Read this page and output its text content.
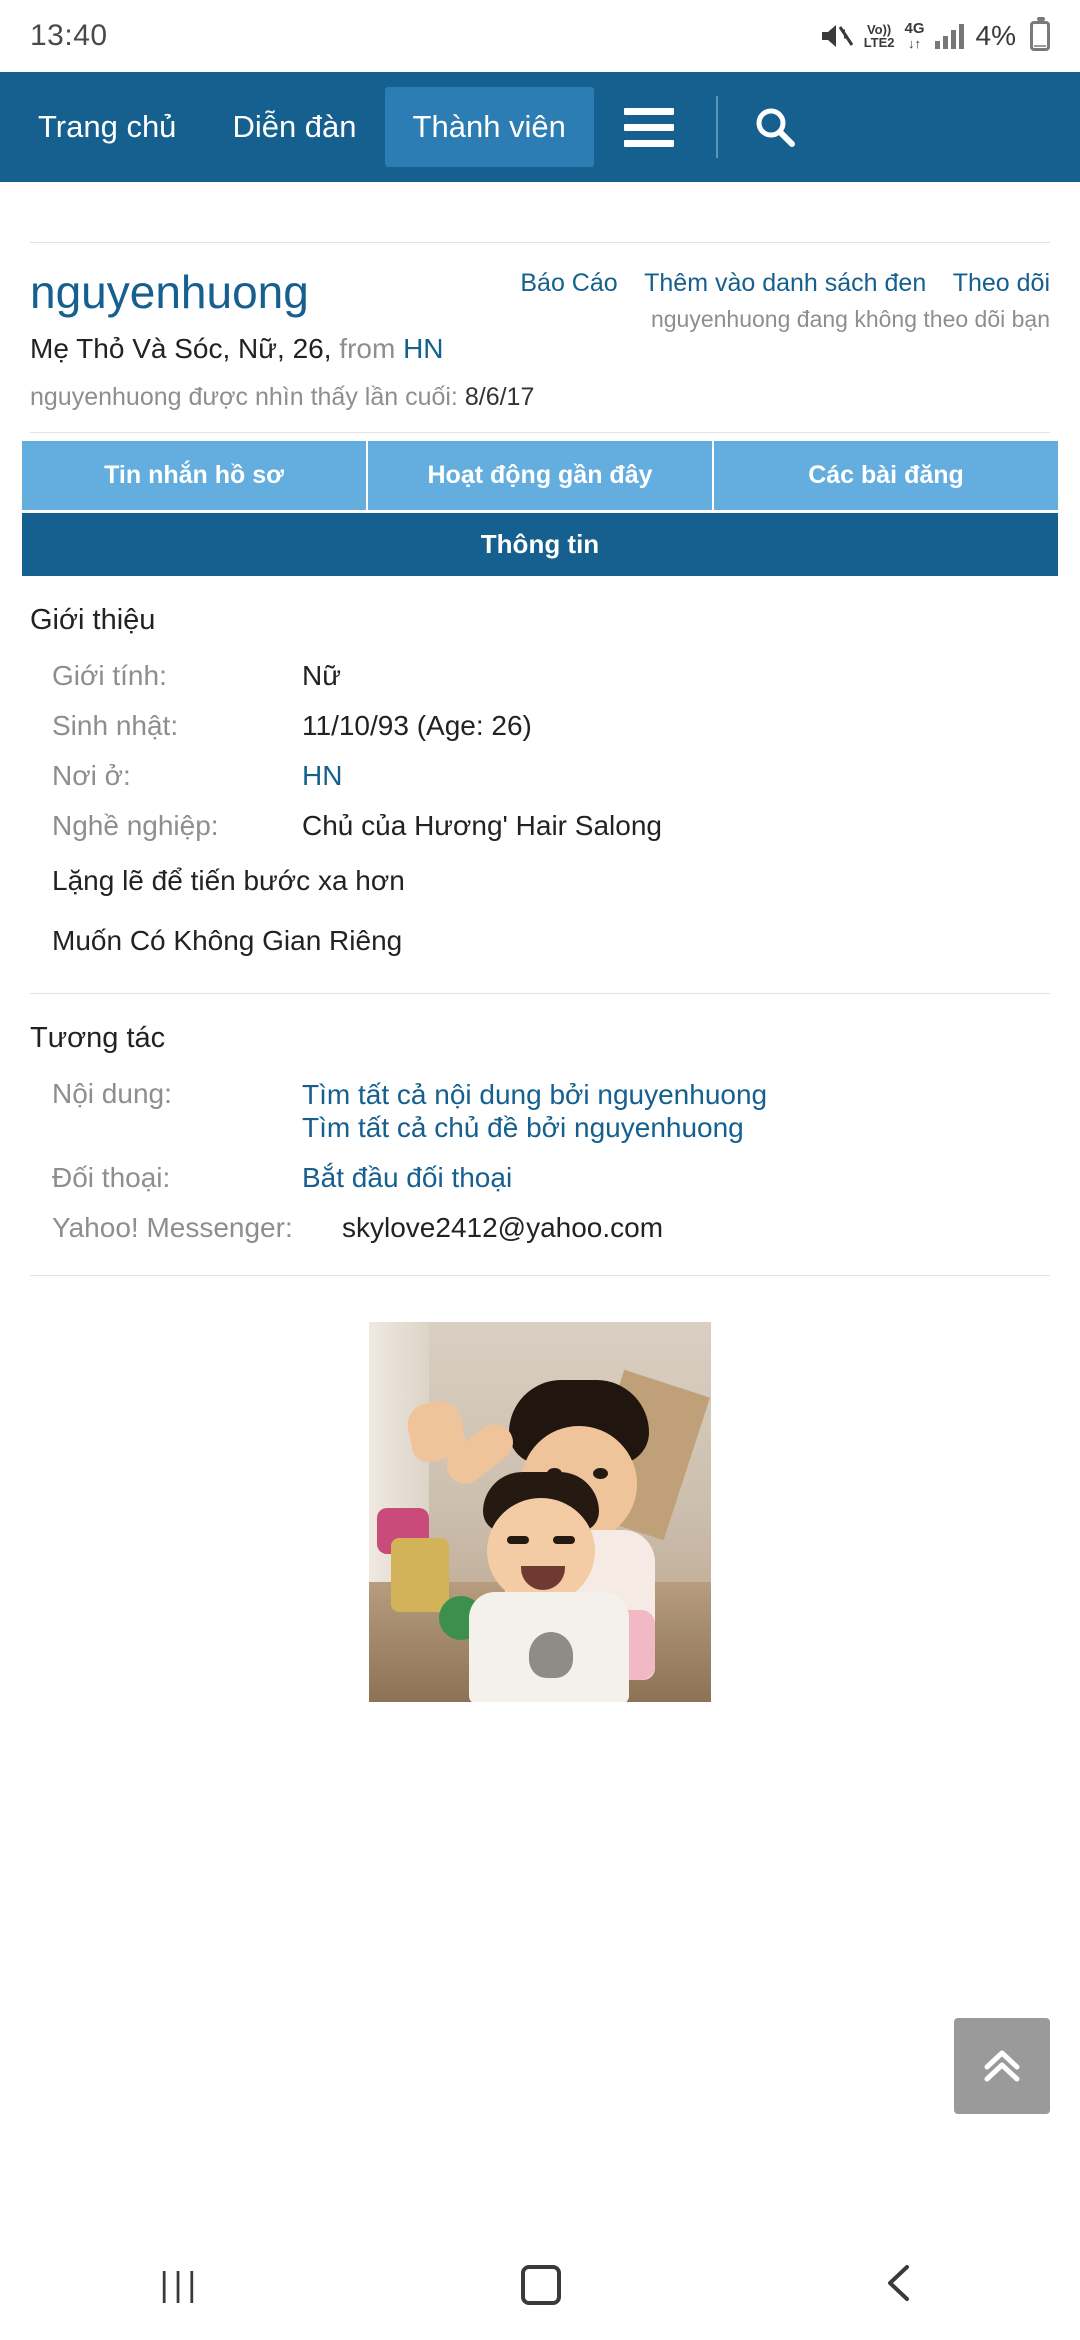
13:40	Vo))
LTE2
4G
↓↑ 4%
Trang chủ	Diễn đàn	Thành viên
Báo Cáo Thêm vào danh sách đen Theo dõi
nguyenhuong đang không theo dõi bạn
nguyenhuong
Mẹ Thỏ Và Sóc, Nữ, 26, from HN
nguyenhuong được nhìn thấy lần cuối: 8/6/17
Tin nhắn hồ sơ	Hoạt động gần đây	Các bài đăng
Thông tin
Giới thiệu
Giới tính:	Nữ
Sinh nhật:	11/10/93 (Age: 26)
Nơi ở:	HN
Nghề nghiệp:	Chủ của Hương' Hair Salong
Lặng lẽ để tiến bước xa hơn
Muốn Có Không Gian Riêng
Tương tác
Nội dung:	Tìm tất cả nội dung bởi nguyenhuong
Tìm tất cả chủ đề bởi nguyenhuong
Đối thoại:	Bắt đầu đối thoại
Yahoo! Messenger:	skylove2412@yahoo.com
|||
